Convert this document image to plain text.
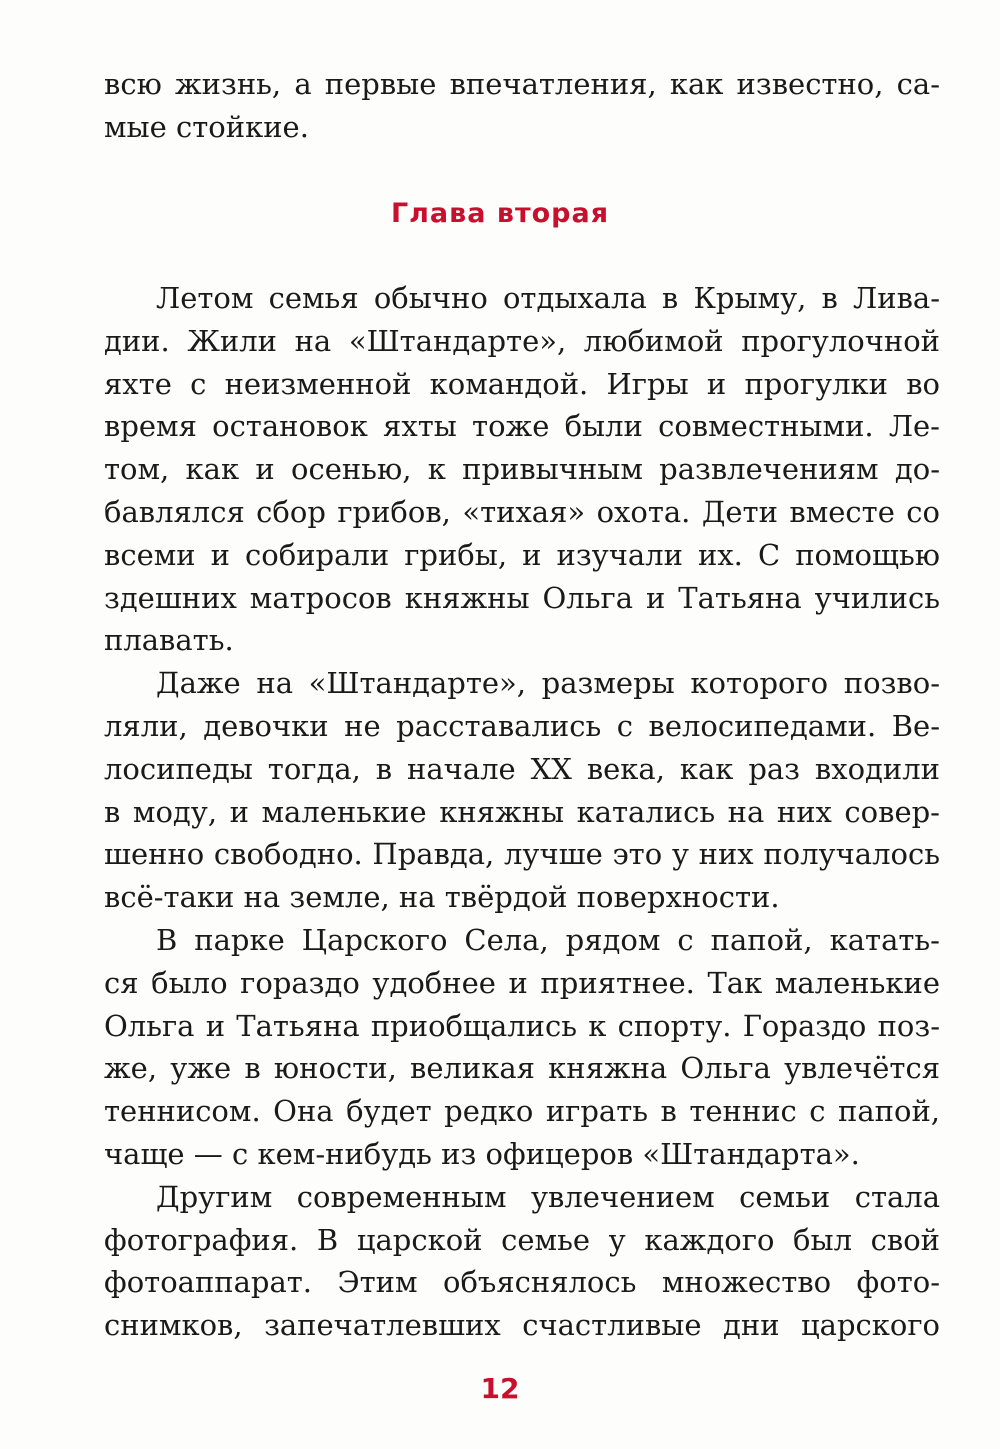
всю жизнь, а первые впечатления, как известно, са-
мые стойкие.
Глава вторая
Летом семья обычно отдыхала в Крыму, в Лива-
дии. Жили на «Штандарте», любимой прогулочной
яхте с неизменной командой. Игры и прогулки во
время остановок яхты тоже были совместными. Ле-
том, как и осенью, к привычным развлечениям до-
бавлялся сбор грибов, «тихая» охота. Дети вместе со
всеми и собирали грибы, и изучали их. С помощью
здешних матросов княжны Ольга и Татьяна учились
плавать.
Даже на «Штандарте», размеры которого позво-
ляли, девочки не расставались с велосипедами. Ве-
лосипеды тогда, в начале XX века, как раз входили
в моду, и маленькие княжны катались на них совер-
шенно свободно. Правда, лучше это у них получалось
всё-таки на земле, на твёрдой поверхности.
В парке Царского Села, рядом с папой, катать-
ся было гораздо удобнее и приятнее. Так маленькие
Ольга и Татьяна приобщались к спорту. Гораздо поз-
же, уже в юности, великая княжна Ольга увлечётся
теннисом. Она будет редко играть в теннис с папой,
чаще — с кем-нибудь из офицеров «Штандарта».
Другим современным увлечением семьи стала
фотография. В царской семье у каждого был свой
фотоаппарат. Этим объяснялось множество фото-
снимков, запечатлевших счастливые дни царского
12
